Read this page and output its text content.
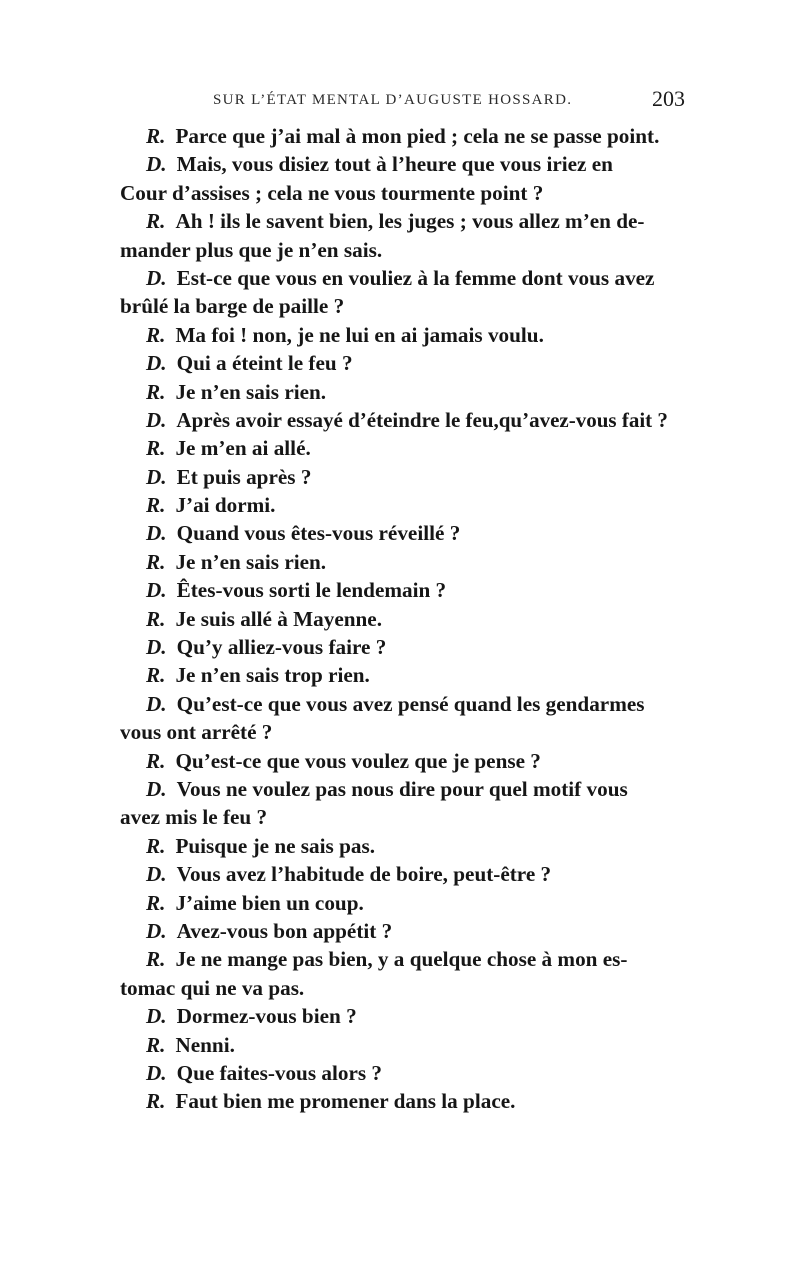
SUR L’ÉTAT MENTAL D’AUGUSTE HOSSARD.	203
R. Parce que j’ai mal à mon pied ; cela ne se passe point.
D. Mais, vous disiez tout à l’heure que vous iriez en
Cour d’assises ; cela ne vous tourmente point ?
R. Ah ! ils le savent bien, les juges ; vous allez m’en de-
mander plus que je n’en sais.
D. Est-ce que vous en vouliez à la femme dont vous avez
brûlé la barge de paille ?
R. Ma foi ! non, je ne lui en ai jamais voulu.
D. Qui a éteint le feu ?
R. Je n’en sais rien.
D. Après avoir essayé d’éteindre le feu,qu’avez-vous fait ?
R. Je m’en ai allé.
D. Et puis après ?
R. J’ai dormi.
D. Quand vous êtes-vous réveillé ?
R. Je n’en sais rien.
D. Êtes-vous sorti le lendemain ?
R. Je suis allé à Mayenne.
D. Qu’y alliez-vous faire ?
R. Je n’en sais trop rien.
D. Qu’est-ce que vous avez pensé quand les gendarmes
vous ont arrêté ?
R. Qu’est-ce que vous voulez que je pense ?
D. Vous ne voulez pas nous dire pour quel motif vous
avez mis le feu ?
R. Puisque je ne sais pas.
D. Vous avez l’habitude de boire, peut-être ?
R. J’aime bien un coup.
D. Avez-vous bon appétit ?
R. Je ne mange pas bien, y a quelque chose à mon es-
tomac qui ne va pas.
D. Dormez-vous bien ?
R. Nenni.
D. Que faites-vous alors ?
R. Faut bien me promener dans la place.
